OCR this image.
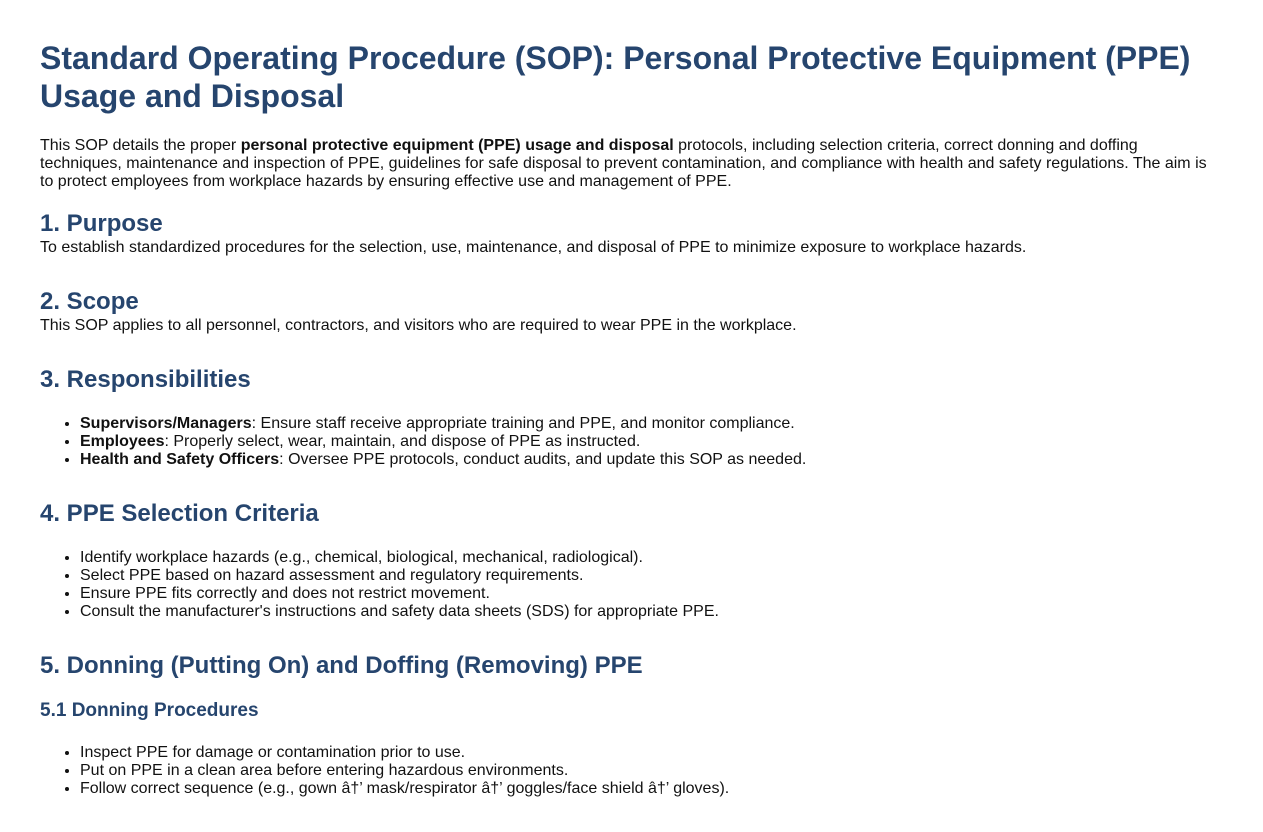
Standard Operating Procedure (SOP): Personal Protective Equipment (PPE) Usage and Disposal

This SOP details the proper personal protective equipment (PPE) usage and disposal protocols, including selection criteria, correct donning and doffing techniques, maintenance and inspection of PPE, guidelines for safe disposal to prevent contamination, and compliance with health and safety regulations. The aim is to protect employees from workplace hazards by ensuring effective use and management of PPE.

1. Purpose

To establish standardized procedures for the selection, use, maintenance, and disposal of PPE to minimize exposure to workplace hazards.

2. Scope

This SOP applies to all personnel, contractors, and visitors who are required to wear PPE in the workplace.

3. Responsibilities
• Supervisors/Managers: Ensure staff receive appropriate training and PPE, and monitor compliance.
• Employees: Properly select, wear, maintain, and dispose of PPE as instructed.
• Health and Safety Officers: Oversee PPE protocols, conduct audits, and update this SOP as needed.
4. PPE Selection Criteria
• Identify workplace hazards (e.g., chemical, biological, mechanical, radiological).
• Select PPE based on hazard assessment and regulatory requirements.
• Ensure PPE fits correctly and does not restrict movement.
• Consult the manufacturer's instructions and safety data sheets (SDS) for appropriate PPE.
5. Donning (Putting On) and Doffing (Removing) PPE
5.1 Donning Procedures
• Inspect PPE for damage or contamination prior to use.
• Put on PPE in a clean area before entering hazardous environments.
• Follow correct sequence (e.g., gown â†’ mask/respirator â†’ goggles/face shield â†’ gloves).
